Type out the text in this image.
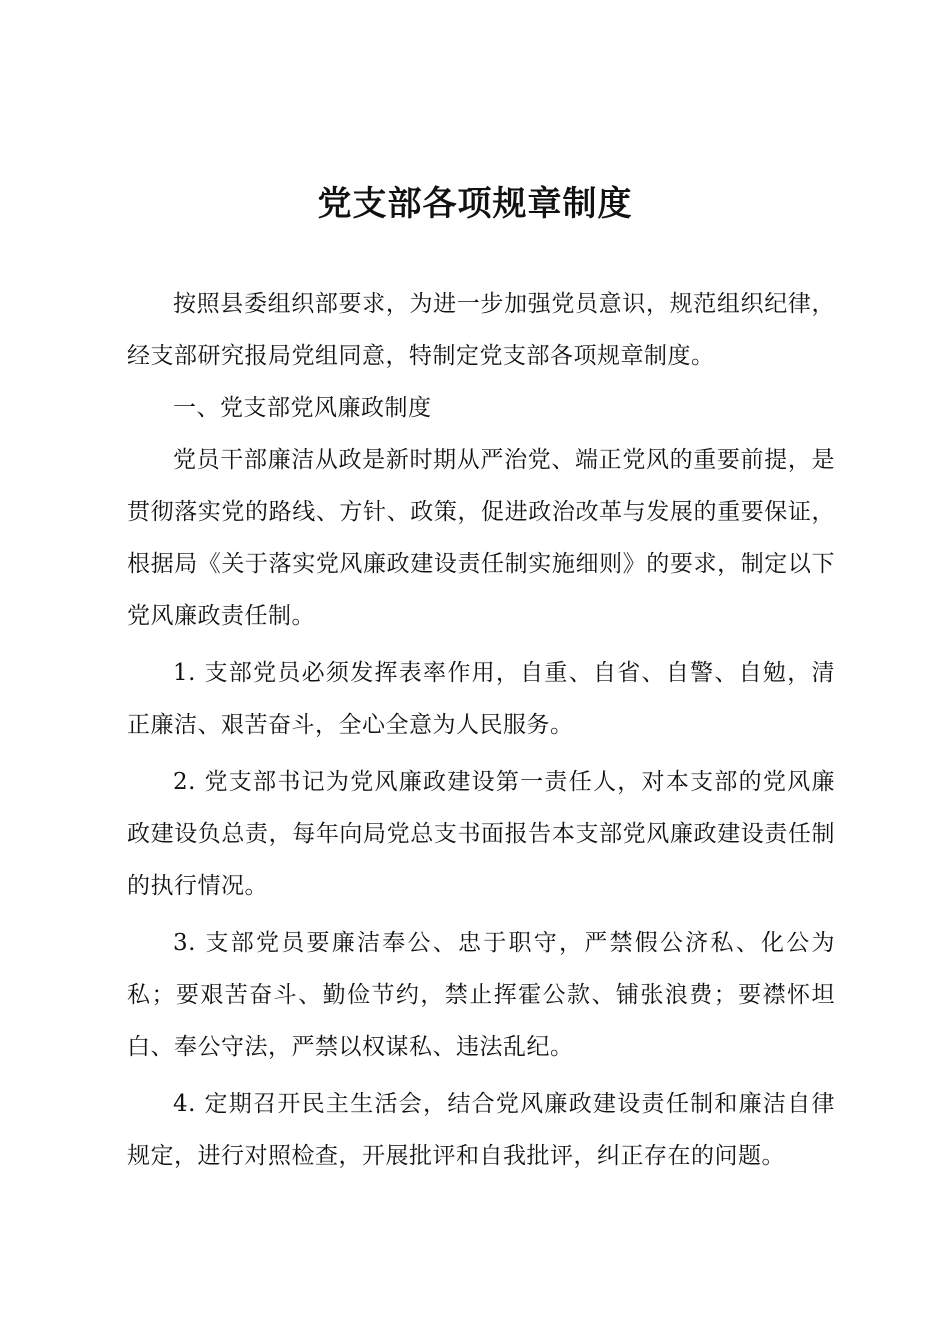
党支部各项规章制度

按照县委组织部要求，为进一步加强党员意识，规范组织纪律，经支部研究报局党组同意，特制定党支部各项规章制度。

一、党支部党风廉政制度

党员干部廉洁从政是新时期从严治党、端正党风的重要前提，是贯彻落实党的路线、方针、政策，促进政治改革与发展的重要保证，根据局《关于落实党风廉政建设责任制实施细则》的要求，制定以下党风廉政责任制。

1. 支部党员必须发挥表率作用，自重、自省、自警、自勉，清正廉洁、艰苦奋斗，全心全意为人民服务。

2. 党支部书记为党风廉政建设第一责任人，对本支部的党风廉政建设负总责，每年向局党总支书面报告本支部党风廉政建设责任制的执行情况。

3. 支部党员要廉洁奉公、忠于职守，严禁假公济私、化公为私；要艰苦奋斗、勤俭节约，禁止挥霍公款、铺张浪费；要襟怀坦白、奉公守法，严禁以权谋私、违法乱纪。

4. 定期召开民主生活会，结合党风廉政建设责任制和廉洁自律规定，进行对照检查，开展批评和自我批评，纠正存在的问题。
